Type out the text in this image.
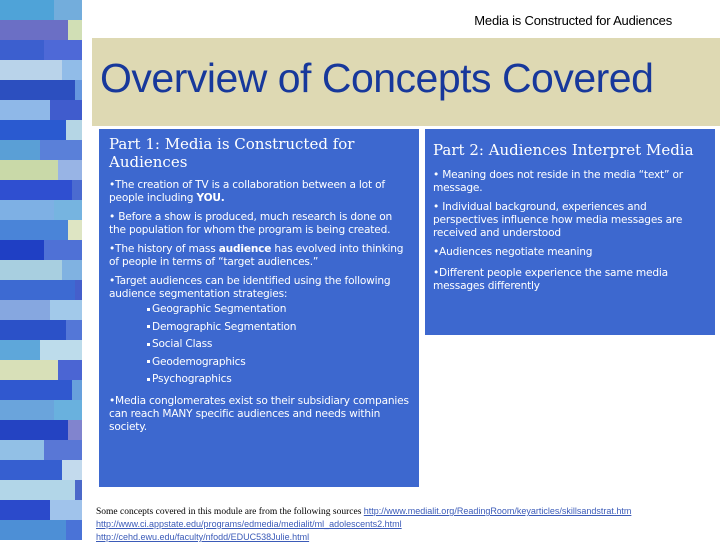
Media is Constructed for Audiences
Overview of Concepts Covered
Part 1: Media is Constructed for Audiences
•The creation of TV is a collaboration between a lot of people including YOU.
• Before a show is produced, much research is done on the population for whom the program is being created.
•The history of mass audience has evolved into thinking of people in terms of “target audiences.”
•Target audiences can be identified using the following audience segmentation strategies:
Geographic Segmentation
Demographic Segmentation
Social Class
Geodemographics
Psychographics
•Media conglomerates exist so their subsidiary companies can reach MANY specific audiences and needs within society.
Part 2: Audiences Interpret Media
• Meaning does not reside in the media “text” or message.
• Individual background, experiences and perspectives influence how media messages are received and understood
•Audiences negotiate meaning
•Different people experience the same media messages differently
Some concepts covered in this module are from the following sources http://www.medialit.org/ReadingRoom/keyarticles/skillsandstrat.htm
http://www.ci.appstate.edu/programs/edmedia/medialit/ml_adolescents2.html
http://cehd.ewu.edu/faculty/nfodd/EDUC538Julie.html
